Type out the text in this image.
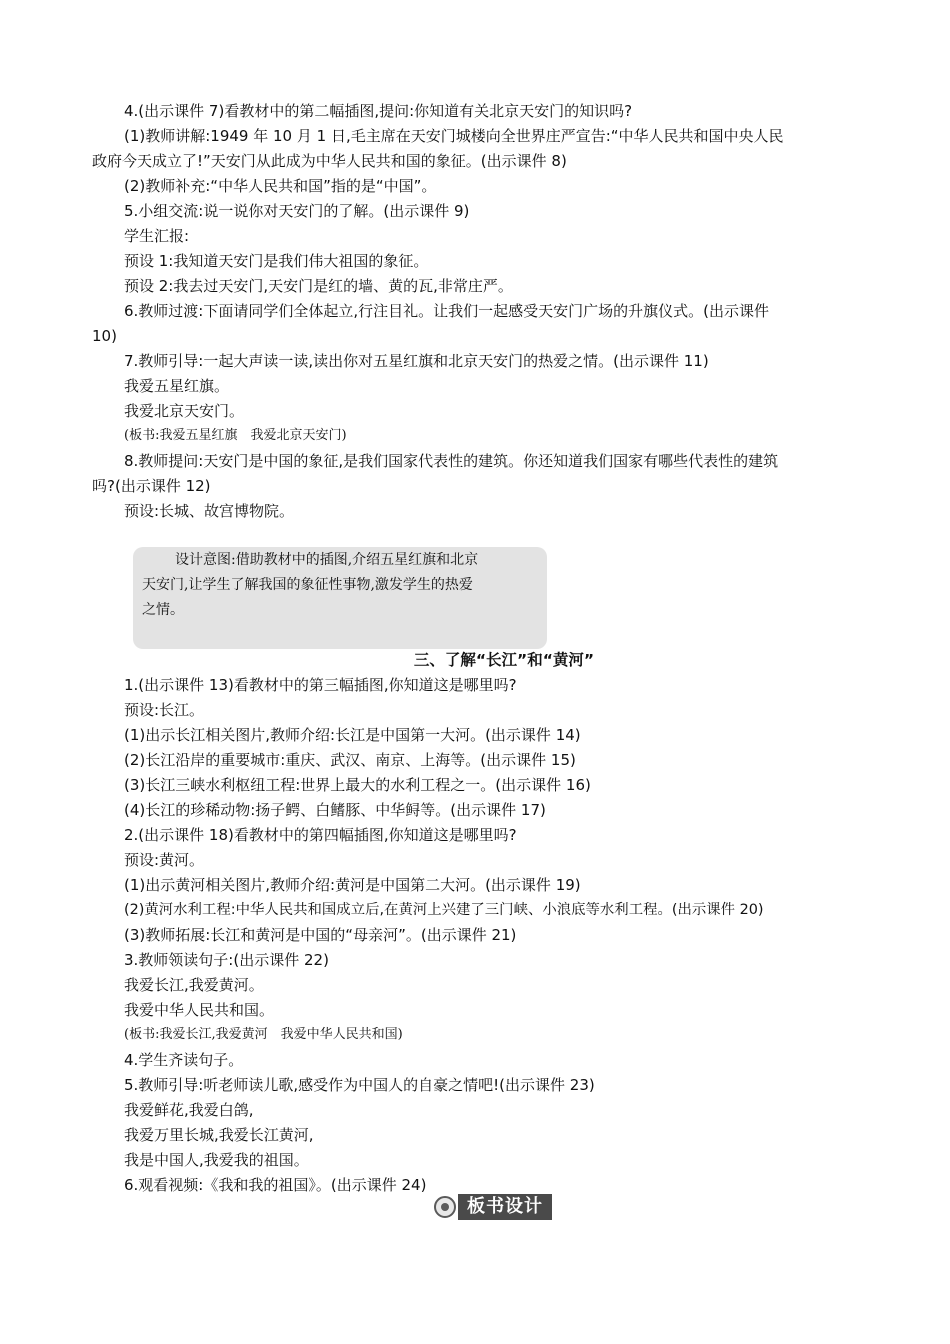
4.(出示课件 7)看教材中的第二幅插图,提问:你知道有关北京天安门的知识吗?
(1)教师讲解:1949 年 10 月 1 日,毛主席在天安门城楼向全世界庄严宣告:“中华人民共和国中央人民
政府今天成立了!”天安门从此成为中华人民共和国的象征。(出示课件 8)
(2)教师补充:“中华人民共和国”指的是“中国”。
5.小组交流:说一说你对天安门的了解。(出示课件 9)
学生汇报:
预设 1:我知道天安门是我们伟大祖国的象征。
预设 2:我去过天安门,天安门是红的墙、黄的瓦,非常庄严。
6.教师过渡:下面请同学们全体起立,行注目礼。让我们一起感受天安门广场的升旗仪式。(出示课件
10)
7.教师引导:一起大声读一读,读出你对五星红旗和北京天安门的热爱之情。(出示课件 11)
我爱五星红旗。
我爱北京天安门。
(板书:我爱五星红旗　我爱北京天安门)
8.教师提问:天安门是中国的象征,是我们国家代表性的建筑。你还知道我们国家有哪些代表性的建筑
吗?(出示课件 12)
预设:长城、故宫博物院。
设计意图:借助教材中的插图,介绍五星红旗和北京
天安门,让学生了解我国的象征性事物,激发学生的热爱
之情。
三、了解“长江”和“黄河”
1.(出示课件 13)看教材中的第三幅插图,你知道这是哪里吗?
预设:长江。
(1)出示长江相关图片,教师介绍:长江是中国第一大河。(出示课件 14)
(2)长江沿岸的重要城市:重庆、武汉、南京、上海等。(出示课件 15)
(3)长江三峡水利枢纽工程:世界上最大的水利工程之一。(出示课件 16)
(4)长江的珍稀动物:扬子鳄、白鳍豚、中华鲟等。(出示课件 17)
2.(出示课件 18)看教材中的第四幅插图,你知道这是哪里吗?
预设:黄河。
(1)出示黄河相关图片,教师介绍:黄河是中国第二大河。(出示课件 19)
(2)黄河水利工程:中华人民共和国成立后,在黄河上兴建了三门峡、小浪底等水利工程。(出示课件 20)
(3)教师拓展:长江和黄河是中国的“母亲河”。(出示课件 21)
3.教师领读句子:(出示课件 22)
我爱长江,我爱黄河。
我爱中华人民共和国。
(板书:我爱长江,我爱黄河　我爱中华人民共和国)
4.学生齐读句子。
5.教师引导:听老师读儿歌,感受作为中国人的自豪之情吧!(出示课件 23)
我爱鲜花,我爱白鸽,
我爱万里长城,我爱长江黄河,
我是中国人,我爱我的祖国。
6.观看视频:《我和我的祖国》。(出示课件 24)
板书设计
